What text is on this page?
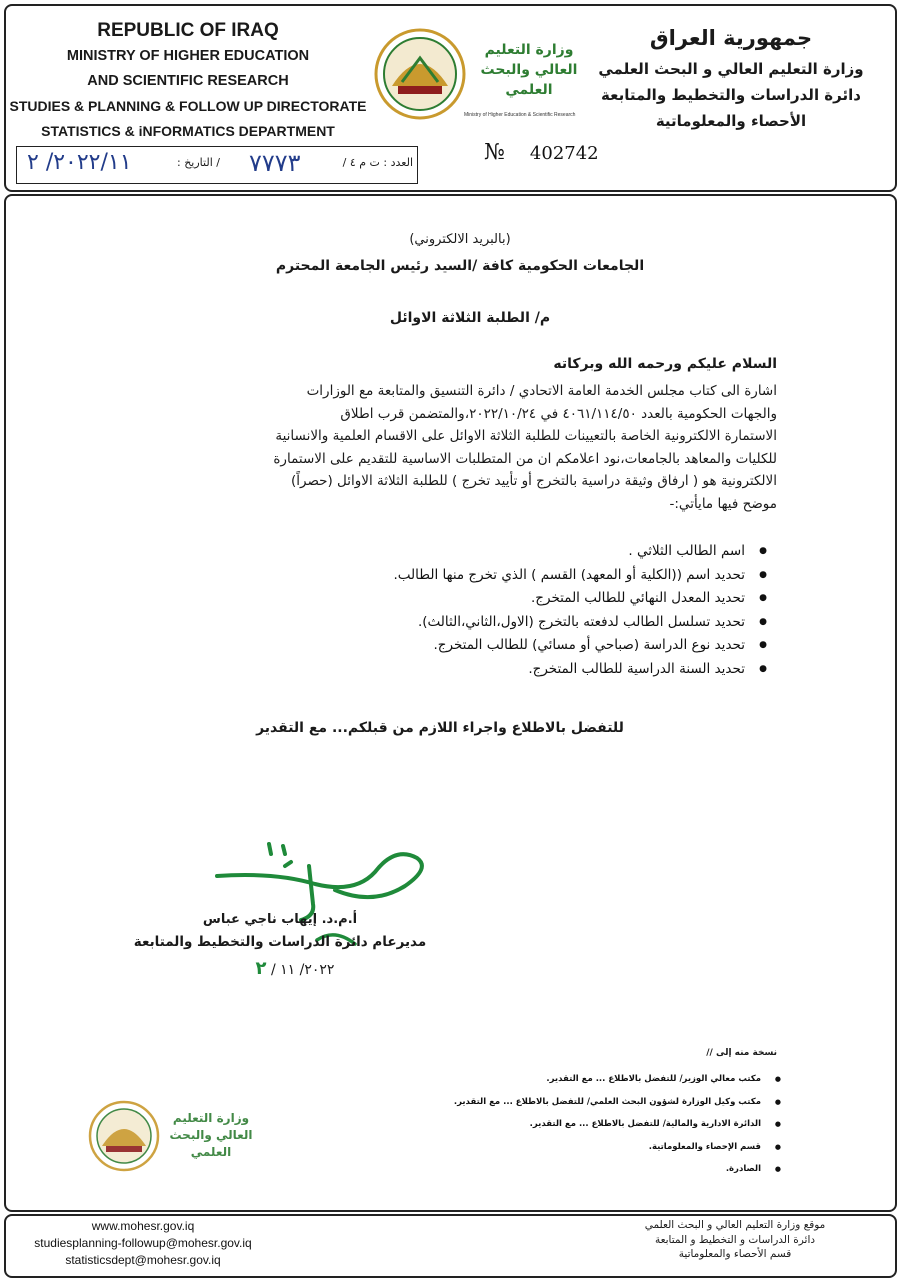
REPUBLIC OF IRAQ
MINISTRY OF HIGHER EDUCATION
AND SCIENTIFIC RESEARCH
STUDIES & PLANNING & FOLLOW UP DIRECTORATE
STATISTICS & iNFORMATICS DEPARTMENT
وزارة التعليم العالي والبحث العلمي
Ministry of Higher Education & Scientific Research
جمهورية العراق
وزارة التعليم العالي و البحث العلمي
دائرة الدراسات والتخطيط والمتابعة
الأحصاء والمعلوماتية
№ 402742
العدد : ت م ٤ /
٧٧٧٣
/ التاريخ :
٢٠٢٢/١١/ ٢
(بالبريد الالكتروني)
الجامعات الحكومية كافة /السيد رئيس الجامعة المحترم
م/ الطلبة الثلاثة الاوائل
السلام عليكم ورحمه الله وبركاته
اشارة الى كتاب مجلس الخدمة العامة الاتحادي / دائرة التنسيق والمتابعة مع الوزارات
والجهات الحكومية بالعدد ٤٠٦١/١١٤/٥٠ في ٢٠٢٢/١٠/٢٤،والمتضمن قرب اطلاق
الاستمارة الالكترونية الخاصة بالتعيينات للطلبة الثلاثة الاوائل على الاقسام العلمية والانسانية
للكليات والمعاهد بالجامعات،نود اعلامكم ان من المتطلبات الاساسية للتقديم على الاستمارة
الالكترونية هو ( ارفاق وثيقة دراسية بالتخرج أو تأييد تخرج ) للطلبة الثلاثة الاوائل (حصراً)
موضح فيها مايأتي:-
● اسم الطالب الثلاثي .
● تحديد اسم ((الكلية أو المعهد) القسم ) الذي تخرج منها الطالب.
● تحديد المعدل النهائي للطالب المتخرج.
● تحديد تسلسل الطالب لدفعته بالتخرج (الاول،الثاني،الثالث).
● تحديد نوع الدراسة (صباحي أو مسائي) للطالب المتخرج.
● تحديد السنة الدراسية للطالب المتخرج.
للتفضل بالاطلاع واجراء اللازم من قبلكم... مع التقدير
أ.م.د. إيهاب ناجي عباس
مديرعام دائرة الدراسات والتخطيط والمتابعة
٢٠٢٢/ ١١ / ٢
نسخة منه إلى //
● مكتب معالي الوزير/ للتفضل بالاطلاع ... مع التقدير.
● مكتب وكيل الوزارة لشؤون البحث العلمي/ للتفضل بالاطلاع ... مع التقدير.
● الدائرة الادارية والمالية/ للتفضل بالاطلاع ... مع التقدير.
● قسم الإحصاء والمعلوماتية.
● الصادرة.
وزارة التعليم العالي والبحث العلمي
www.mohesr.gov.iq
studiesplanning-followup@mohesr.gov.iq
statisticsdept@mohesr.gov.iq
موقع وزارة التعليم العالي و البحث العلمي
دائرة الدراسات و التخطيط و المتابعة
قسم الأحصاء والمعلوماتية
